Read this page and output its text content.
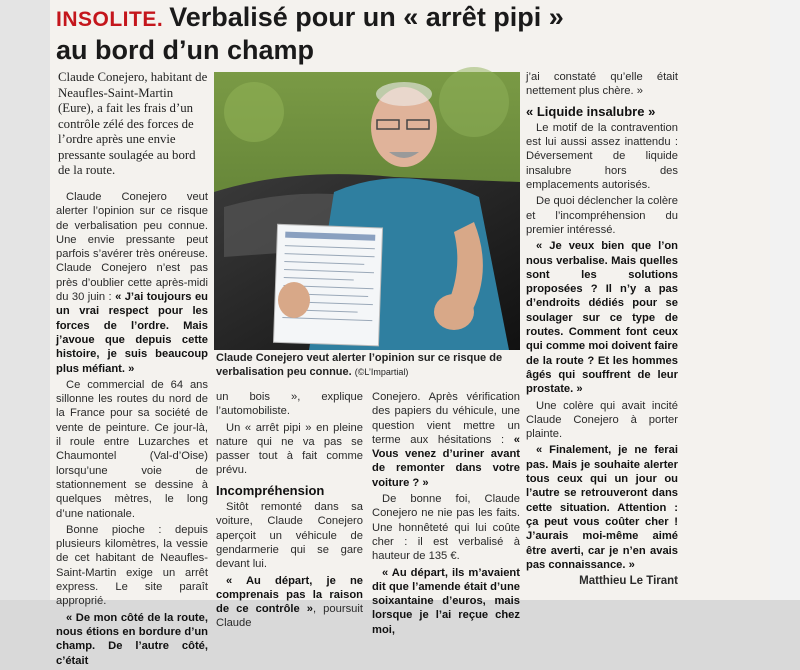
INSOLITE. Verbalisé pour un « arrêt pipi »
au bord d’un champ
Claude Conejero, habitant de Neaufles-Saint-Martin (Eure), a fait les frais d’un contrôle zélé des forces de l’ordre après une envie pressante soulagée au bord de la route.
Claude Conejero veut alerter l’opinion sur ce risque de verbalisation peu connue. (©L’Impartial)

Claude Conejero veut alerter l’opinion sur ce risque de verbalisation peu connue. Une envie pressante peut parfois s’avérer très onéreuse. Claude Conejero n’est pas près d’oublier cette après-midi du 30 juin : « J’ai toujours eu un vrai respect pour les forces de l’ordre. Mais j’avoue que depuis cette histoire, je suis beaucoup plus méfiant. »

Ce commercial de 64 ans sillonne les routes du nord de la France pour sa société de vente de peinture. Ce jour-là, il roule entre Luzarches et Chaumontel (Val-d’Oise) lorsqu’une voie de stationnement se dessine à quelques mètres, le long d’une nationale.

Bonne pioche : depuis plusieurs kilomètres, la vessie de cet habitant de Neaufles-Saint-Martin exige un arrêt express. Le site paraît approprié.

« De mon côté de la route, nous étions en bordure d’un champ. De l’autre côté, c’était

un bois », explique l’automobiliste.

Un « arrêt pipi » en pleine nature qui ne va pas se passer tout à fait comme prévu.

Incompréhension

Sitôt remonté dans sa voiture, Claude Conejero aperçoit un véhicule de gendarmerie qui se gare devant lui.

« Au départ, je ne comprenais pas la raison de ce contrôle », poursuit Claude

Conejero. Après vérification des papiers du véhicule, une question vient mettre un terme aux hésitations : « Vous venez d’uriner avant de remonter dans votre voiture ? »

De bonne foi, Claude Conejero ne nie pas les faits. Une honnêteté qui lui coûte cher : il est verbalisé à hauteur de 135 €.

« Au départ, ils m’avaient dit que l’amende était d’une soixantaine d’euros, mais lorsque je l’ai reçue chez moi,

j’ai constaté qu’elle était nettement plus chère. »

« Liquide insalubre »

Le motif de la contravention est lui aussi assez inattendu : Déversement de liquide insalubre hors des emplacements autorisés.

De quoi déclencher la colère et l’incompréhension du premier intéressé.

« Je veux bien que l’on nous verbalise. Mais quelles sont les solutions proposées ? Il n’y a pas d’endroits dédiés pour se soulager sur ce type de routes. Comment font ceux qui comme moi doivent faire de la route ? Et les hommes âgés qui souffrent de leur prostate. »

Une colère qui avait incité Claude Conejero à porter plainte.

« Finalement, je ne ferai pas. Mais je souhaite alerter tous ceux qui un jour ou l’autre se retrouveront dans cette situation. Attention : ça peut vous coûter cher ! J’aurais moi-même aimé être averti, car je n’en avais pas connaissance. »

Matthieu Le Tirant
